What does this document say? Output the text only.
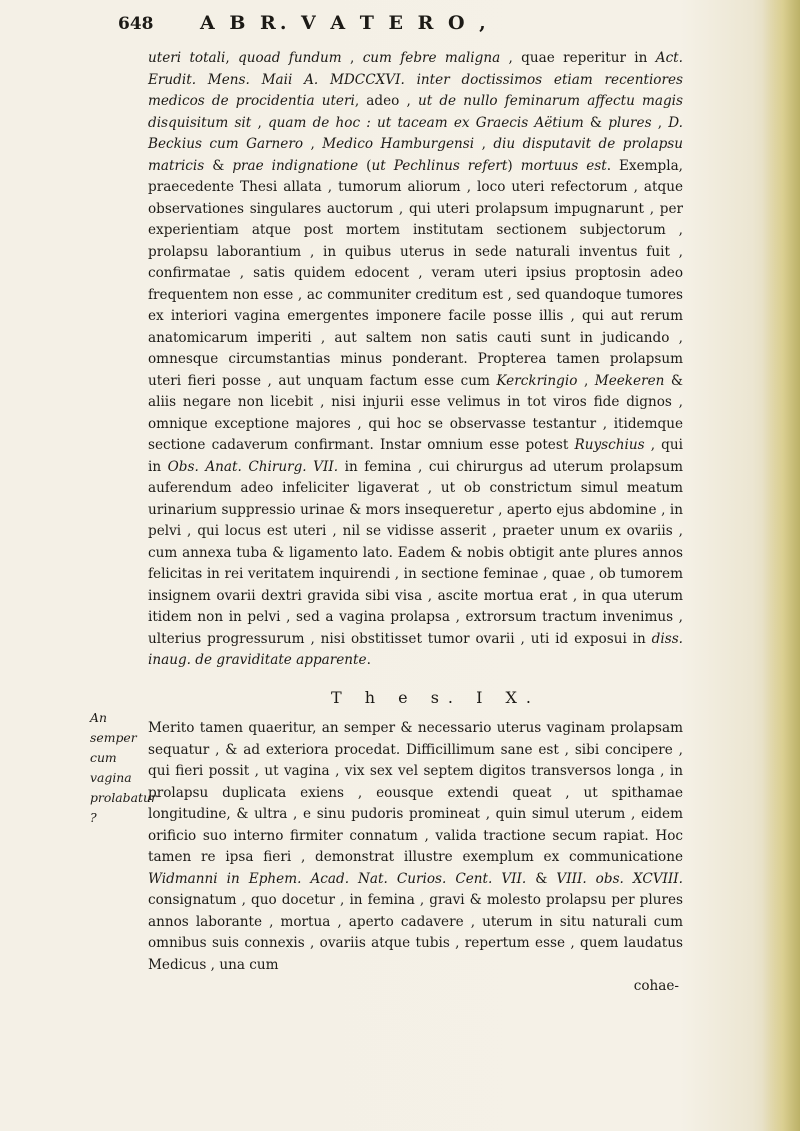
648 A B R. V A T E R O ,

uteri totali, quoad fundum , cum febre maligna , quae reperitur in Act. Erudit. Mens. Maii A. MDCCXVI. inter doctissimos etiam recentiores medicos de procidentia uteri, adeo , ut de nullo feminarum affectu magis disquisitum sit , quam de hoc : ut taceam ex Graecis Aëtium & plures , D. Beckius cum Garnero , Medico Hamburgensi , diu disputavit de prolapsu matricis & prae indignatione (ut Pechlinus refert) mortuus est. Exempla, praecedente Thesi allata , tumorum aliorum , loco uteri refectorum , atque observationes singulares auctorum , qui uteri prolapsum impugnarunt , per experientiam atque post mortem institutam sectionem subjectorum , prolapsu laborantium , in quibus uterus in sede naturali inventus fuit , confirmatae , satis quidem edocent , veram uteri ipsius proptosin adeo frequentem non esse , ac communiter creditum est , sed quandoque tumores ex interiori vagina emergentes imponere facile posse illis , qui aut rerum anatomicarum imperiti , aut saltem non satis cauti sunt in judicando , omnesque circumstantias minus ponderant. Propterea tamen prolapsum uteri fieri posse , aut unquam factum esse cum Kerckringio , Meekeren & aliis negare non licebit , nisi injurii esse velimus in tot viros fide dignos , omnique exceptione majores , qui hoc se observasse testantur , itidemque sectione cadaverum confirmant. Instar omnium esse potest Ruyschius , qui in Obs. Anat. Chirurg. VII. in femina , cui chirurgus ad uterum prolapsum auferendum adeo infeliciter ligaverat , ut ob constrictum simul meatum urinarium suppressio urinae & mors insequeretur , aperto ejus abdomine , in pelvi , qui locus est uteri , nil se vidisse asserit , praeter unum ex ovariis , cum annexa tuba & ligamento lato. Eadem & nobis obtigit ante plures annos felicitas in rei veritatem inquirendi , in sectione feminae , quae , ob tumorem insignem ovarii dextri gravida sibi visa , ascite mortua erat , in qua uterum itidem non in pelvi , sed a vagina prolapsa , extrorsum tractum invenimus , ulterius progressurum , nisi obstitisset tumor ovarii , uti id exposui in diss. inaug. de graviditate apparente.

T h e s. I X.

Merito tamen quaeritur, an semper & necessario uterus vaginam prolapsam sequatur , & ad exteriora procedat. Difficillimum sane est , sibi concipere , qui fieri possit , ut vagina , vix sex vel septem digitos transversos longa , in prolapsu duplicata exiens , eousque extendi queat , ut spithamae longitudine, & ultra , e sinu pudoris promineat , quin simul uterum , eidem orificio suo interno firmiter connatum , valida tractione secum rapiat. Hoc tamen re ipsa fieri , demonstrat illustre exemplum ex communicatione Widmanni in Ephem. Acad. Nat. Curios. Cent. VII. & VIII. obs. XCVIII. consignatum , quo docetur , in femina , gravi & molesto prolapsu per plures annos laborante , mortua , aperto cadavere , uterum in situ naturali cum omnibus suis connexis , ovariis atque tubis , repertum esse , quem laudatus Medicus , una cum

cohae-
An semper cum vagina prolabatur ?
